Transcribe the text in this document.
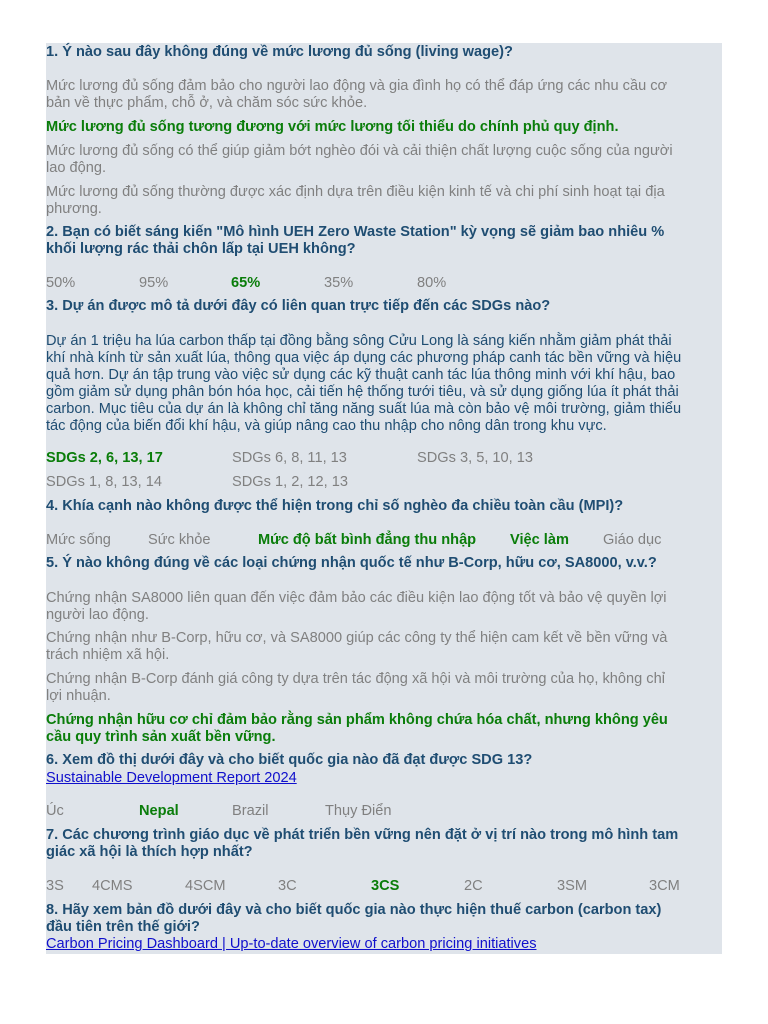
1. Ý nào sau đây không đúng về mức lương đủ sống (living wage)?
Mức lương đủ sống đảm bảo cho người lao động và gia đình họ có thể đáp ứng các nhu cầu cơ
bản về thực phẩm, chỗ ở, và chăm sóc sức khỏe.
Mức lương đủ sống tương đương với mức lương tối thiểu do chính phủ quy định.
Mức lương đủ sống có thể giúp giảm bớt nghèo đói và cải thiện chất lượng cuộc sống của người
lao động.
Mức lương đủ sống thường được xác định dựa trên điều kiện kinh tế và chi phí sinh hoạt tại địa
phương.
2. Bạn có biết sáng kiến "Mô hình UEH Zero Waste Station" kỳ vọng sẽ giảm bao nhiêu %
khối lượng rác thải chôn lấp tại UEH không?
50%	95%	65%	35%	80%
3. Dự án được mô tả dưới đây có liên quan trực tiếp đến các SDGs nào?
Dự án 1 triệu ha lúa carbon thấp tại đồng bằng sông Cửu Long là sáng kiến nhằm giảm phát thải
khí nhà kính từ sản xuất lúa, thông qua việc áp dụng các phương pháp canh tác bền vững và hiệu
quả hơn. Dự án tập trung vào việc sử dụng các kỹ thuật canh tác lúa thông minh với khí hậu, bao
gồm giảm sử dụng phân bón hóa học, cải tiến hệ thống tưới tiêu, và sử dụng giống lúa ít phát thải
carbon. Mục tiêu của dự án là không chỉ tăng năng suất lúa mà còn bảo vệ môi trường, giảm thiểu
tác động của biến đổi khí hậu, và giúp nâng cao thu nhập cho nông dân trong khu vực.
SDGs 2, 6, 13, 17	SDGs 6, 8, 11, 13	SDGs 3, 5, 10, 13
SDGs 1, 8, 13, 14	SDGs 1, 2, 12, 13
4. Khía cạnh nào không được thể hiện trong chỉ số nghèo đa chiều toàn cầu (MPI)?
Mức sống	Sức khỏe	Mức độ bất bình đẳng thu nhập Việc làm Giáo dục
5. Ý nào không đúng về các loại chứng nhận quốc tế như B-Corp, hữu cơ, SA8000, v.v.?
Chứng nhận SA8000 liên quan đến việc đảm bảo các điều kiện lao động tốt và bảo vệ quyền lợi
người lao động.
Chứng nhận như B-Corp, hữu cơ, và SA8000 giúp các công ty thể hiện cam kết về bền vững và
trách nhiệm xã hội.
Chứng nhận B-Corp đánh giá công ty dựa trên tác động xã hội và môi trường của họ, không chỉ
lợi nhuận.
Chứng nhận hữu cơ chỉ đảm bảo rằng sản phẩm không chứa hóa chất, nhưng không yêu
cầu quy trình sản xuất bền vững.
6. Xem đồ thị dưới đây và cho biết quốc gia nào đã đạt được SDG 13?
Sustainable Development Report 2024
Úc	Nepal	Brazil	Thụy Điển
7. Các chương trình giáo dục về phát triển bền vững nên đặt ở vị trí nào trong mô hình tam
giác xã hội là thích hợp nhất?
3S 4CMS	4SCM	3C	3CS	2C	3SM	3CM
8. Hãy xem bản đồ dưới đây và cho biết quốc gia nào thực hiện thuế carbon (carbon tax)
đầu tiên trên thế giới?
Carbon Pricing Dashboard | Up-to-date overview of carbon pricing initiatives
